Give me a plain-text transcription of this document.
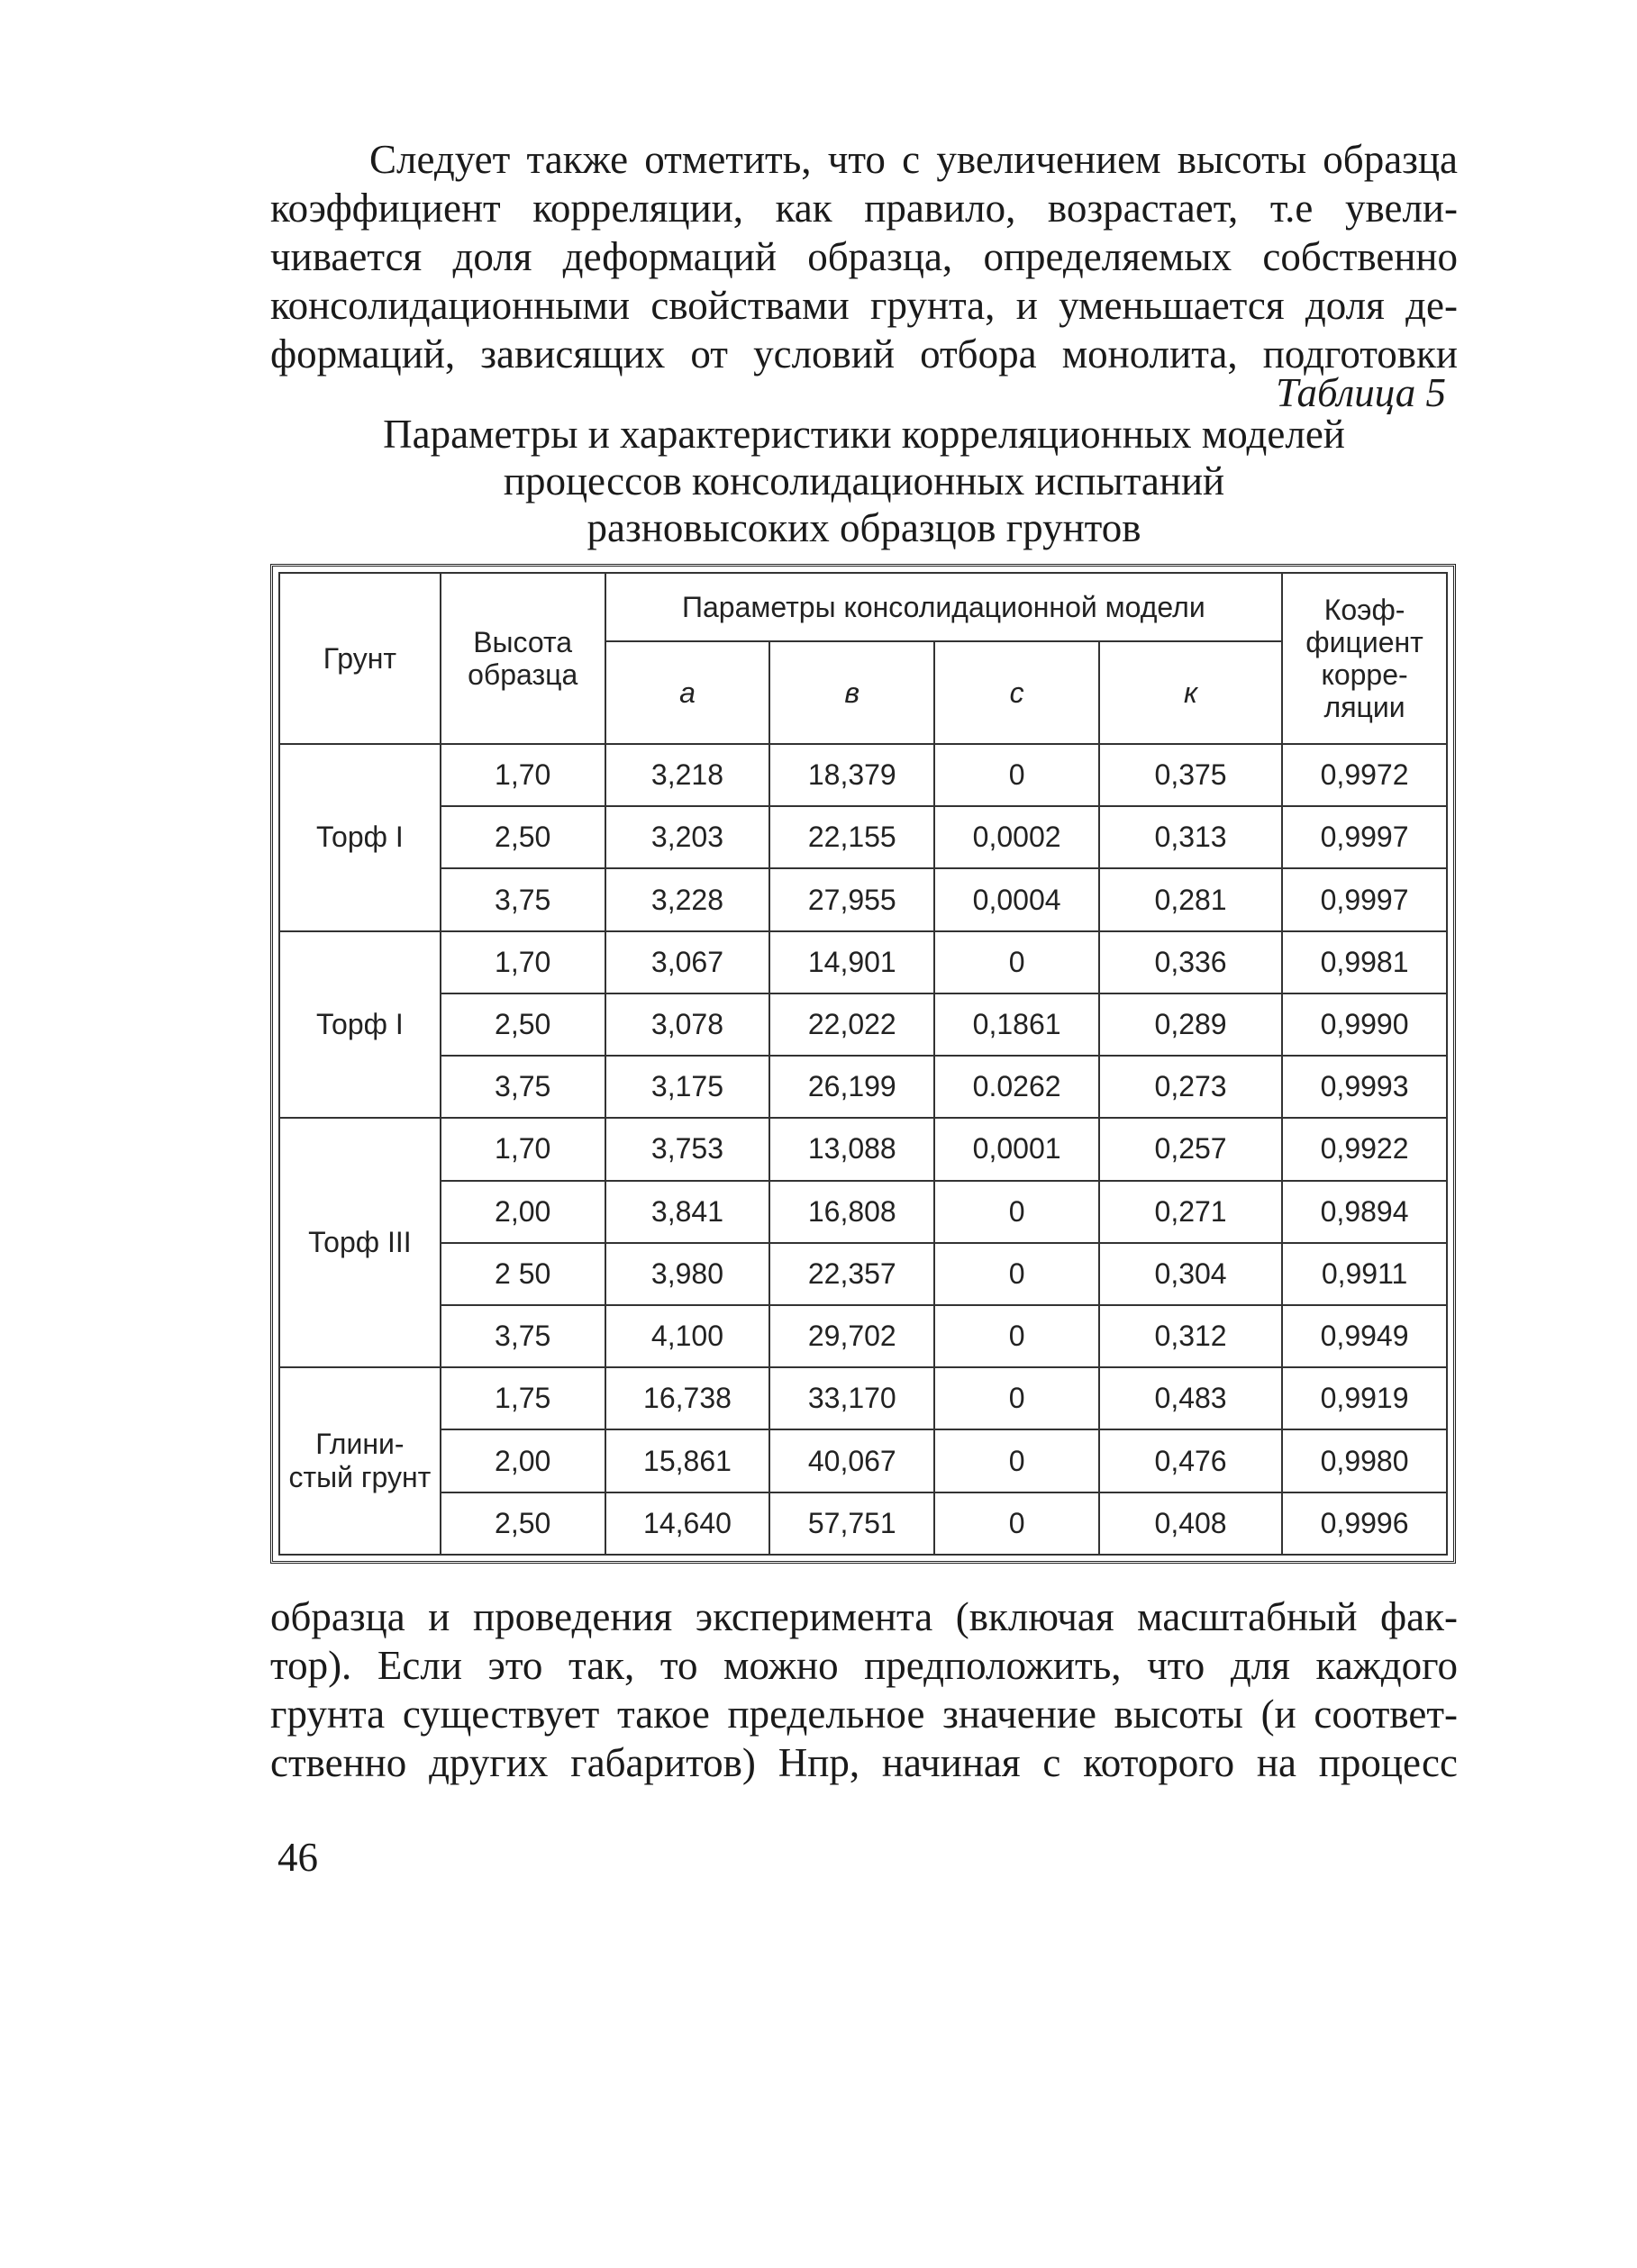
Следует также отметить, что с увеличением высоты образца
коэффициент корреляции, как правило, возрастает, т.е увели-
чивается доля деформаций образца, определяемых собственно
консолидационными свойствами грунта, и уменьшается доля де-
формаций, зависящих от условий отбора монолита, подготовки
Таблица 5
Параметры и характеристики корреляционных моделей
процессов консолидационных испытаний
разновысоких образцов грунтов
Грунт	Высота образца	Параметры консолидационной модели				Коэф- фициент корре- ляции
		а	в	с	к	
Торф I	1,70	3,218	18,379	0	0,375	0,9972
	2,50	3,203	22,155	0,0002	0,313	0,9997
	3,75	3,228	27,955	0,0004	0,281	0,9997
Торф I	1,70	3,067	14,901	0	0,336	0,9981
	2,50	3,078	22,022	0,1861	0,289	0,9990
	3,75	3,175	26,199	0.0262	0,273	0,9993
Торф III	1,70	3,753	13,088	0,0001	0,257	0,9922
	2,00	3,841	16,808	0	0,271	0,9894
	2 50	3,980	22,357	0	0,304	0,9911
	3,75	4,100	29,702	0	0,312	0,9949
Глини- стый грунт	1,75	16,738	33,170	0	0,483	0,9919
	2,00	15,861	40,067	0	0,476	0,9980
	2,50	14,640	57,751	0	0,408	0,9996
образца и проведения эксперимента (включая масштабный фак-
тор). Если это так, то можно предположить, что для каждого
грунта существует такое предельное значение высоты (и соответ-
ственно других габаритов) Hпр, начиная с которого на процесс
46
